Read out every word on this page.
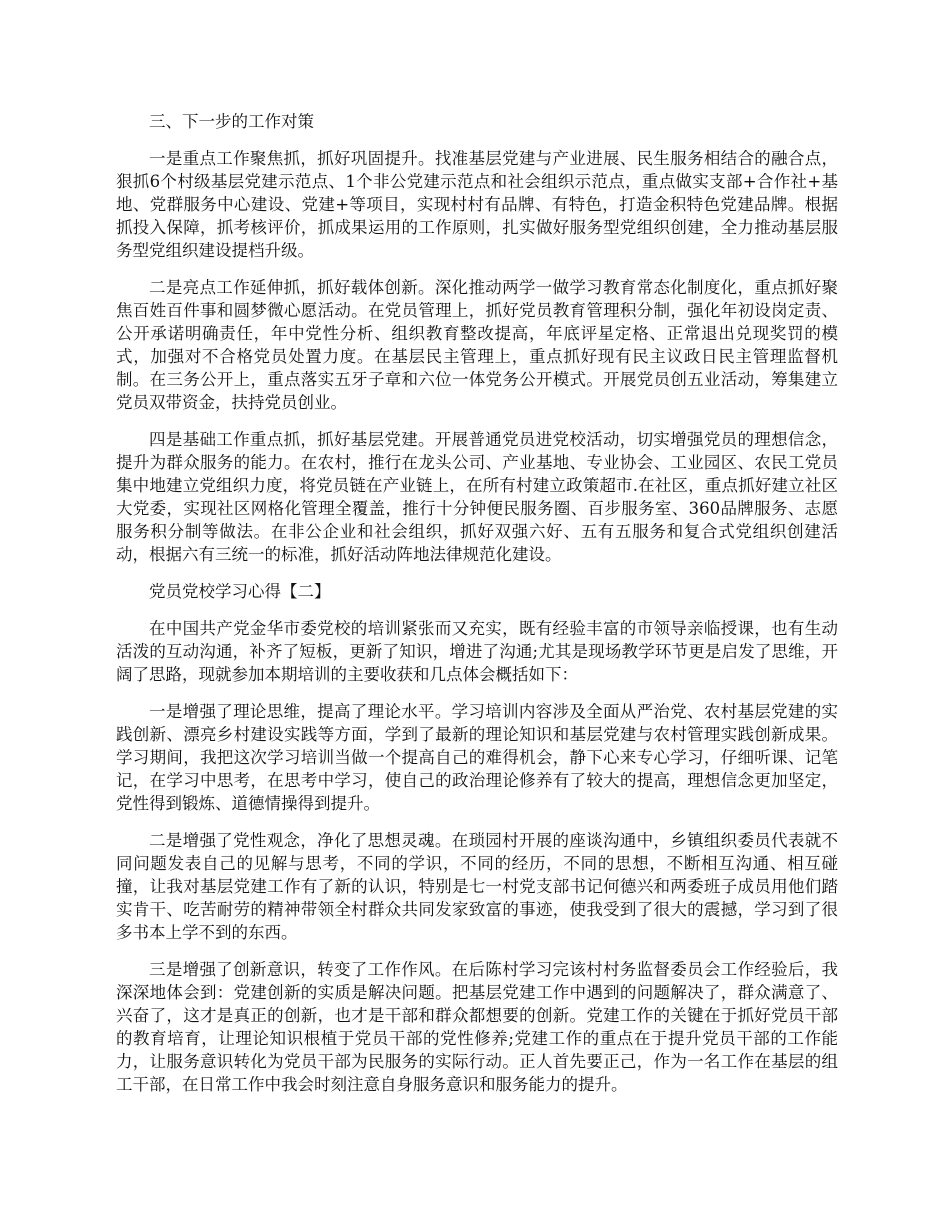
三、下一步的工作对策

一是重点工作聚焦抓，抓好巩固提升。找准基层党建与产业进展、民生服务相结合的融合点，狠抓6个村级基层党建示范点、1个非公党建示范点和社会组织示范点，重点做实支部+合作社+基地、党群服务中心建设、党建+等项目，实现村村有品牌、有特色，打造金积特色党建品牌。根据抓投入保障，抓考核评价，抓成果运用的工作原则，扎实做好服务型党组织创建，全力推动基层服务型党组织建设提档升级。

二是亮点工作延伸抓，抓好载体创新。深化推动两学一做学习教育常态化制度化，重点抓好聚焦百姓百件事和圆梦微心愿活动。在党员管理上，抓好党员教育管理积分制，强化年初设岗定责、公开承诺明确责任，年中党性分析、组织教育整改提高，年底评星定格、正常退出兑现奖罚的模式，加强对不合格党员处置力度。在基层民主管理上，重点抓好现有民主议政日民主管理监督机制。在三务公开上，重点落实五牙子章和六位一体党务公开模式。开展党员创五业活动，筹集建立党员双带资金，扶持党员创业。

四是基础工作重点抓，抓好基层党建。开展普通党员进党校活动，切实增强党员的理想信念，提升为群众服务的能力。在农村，推行在龙头公司、产业基地、专业协会、工业园区、农民工党员集中地建立党组织力度，将党员链在产业链上，在所有村建立政策超市.在社区，重点抓好建立社区大党委，实现社区网格化管理全覆盖，推行十分钟便民服务圈、百步服务室、360品牌服务、志愿服务积分制等做法。在非公企业和社会组织，抓好双强六好、五有五服务和复合式党组织创建活动，根据六有三统一的标准，抓好活动阵地法律规范化建设。

党员党校学习心得【二】

在中国共产党金华市委党校的培训紧张而又充实，既有经验丰富的市领导亲临授课，也有生动活泼的互动沟通，补齐了短板，更新了知识，增进了沟通;尤其是现场教学环节更是启发了思维，开阔了思路，现就参加本期培训的主要收获和几点体会概括如下：

一是增强了理论思维，提高了理论水平。学习培训内容涉及全面从严治党、农村基层党建的实践创新、漂亮乡村建设实践等方面，学到了最新的理论知识和基层党建与农村管理实践创新成果。学习期间，我把这次学习培训当做一个提高自己的难得机会，静下心来专心学习，仔细听课、记笔记，在学习中思考，在思考中学习，使自己的政治理论修养有了较大的提高，理想信念更加坚定，党性得到锻炼、道德情操得到提升。

二是增强了党性观念，净化了思想灵魂。在琐园村开展的座谈沟通中，乡镇组织委员代表就不同问题发表自己的见解与思考，不同的学识，不同的经历，不同的思想，不断相互沟通、相互碰撞，让我对基层党建工作有了新的认识，特别是七一村党支部书记何德兴和两委班子成员用他们踏实肯干、吃苦耐劳的精神带领全村群众共同发家致富的事迹，使我受到了很大的震撼，学习到了很多书本上学不到的东西。

三是增强了创新意识，转变了工作作风。在后陈村学习完该村村务监督委员会工作经验后，我深深地体会到：党建创新的实质是解决问题。把基层党建工作中遇到的问题解决了，群众满意了、兴奋了，这才是真正的创新，也才是干部和群众都想要的创新。党建工作的关键在于抓好党员干部的教育培育，让理论知识根植于党员干部的党性修养;党建工作的重点在于提升党员干部的工作能力，让服务意识转化为党员干部为民服务的实际行动。正人首先要正己，作为一名工作在基层的组工干部，在日常工作中我会时刻注意自身服务意识和服务能力的提升。
